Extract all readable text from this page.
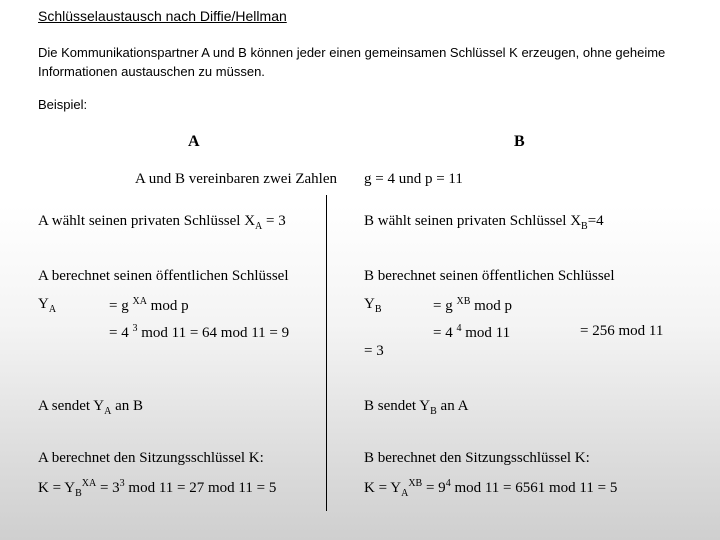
Schlüsselaustausch nach Diffie/Hellman
Die Kommunikationspartner A und B können jeder einen gemeinsamen Schlüssel K erzeugen, ohne geheime Informationen austauschen zu müssen.
Beispiel:
A	B
A und B vereinbaren zwei Zahlen g = 4 und p = 11
A wählt seinen privaten Schlüssel $X_A = 3$	B wählt seinen privaten Schlüssel $X_B=4$
A berechnet seinen öffentlichen Schlüssel	B berechnet seinen öffentlichen Schlüssel
$Y_A$	= g $^{XA}$ mod p
= 4 $^3$ mod 11 = 64 mod 11 = 9
$Y_B$	= g $^{XB}$ mod p
= 4 $^4$ mod 11	= 256 mod 11
= 3
A sendet $Y_A$ an B	B sendet $Y_B$ an A
A berechnet den Sitzungsschlüssel K:	B berechnet den Sitzungsschlüssel K:
$K = Y_B^{XA} = 3^3$ mod 11 = 27 mod 11 = 5	$K = Y_A^{XB} = 9^4$ mod 11 = 6561 mod 11 = 5
